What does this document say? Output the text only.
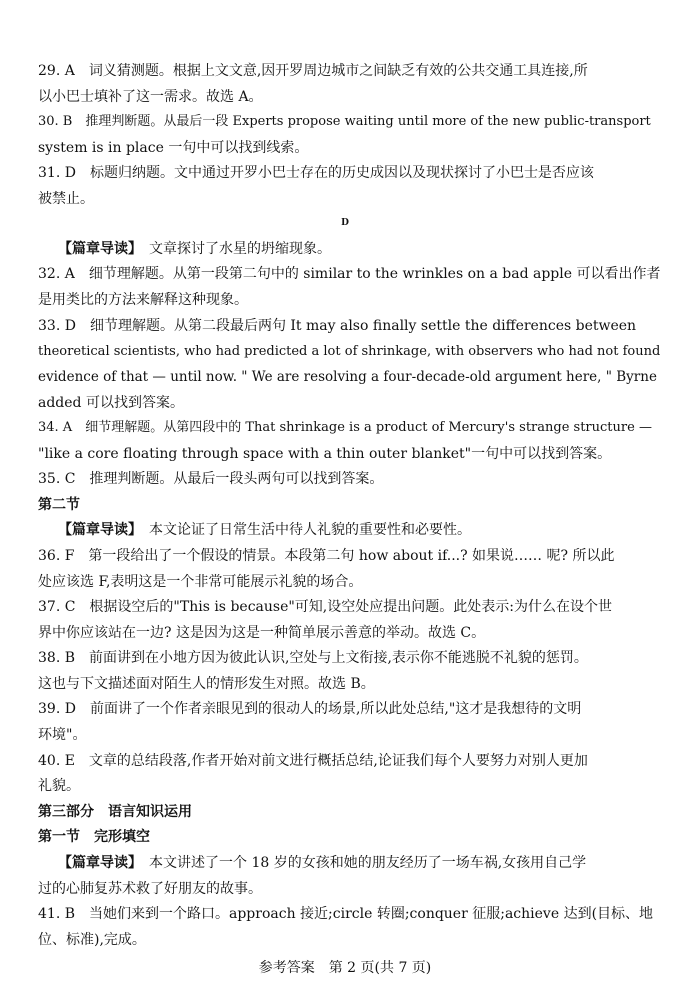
29. A　词义猜测题。根据上文文意,因开罗周边城市之间缺乏有效的公共交通工具连接,所
以小巴士填补了这一需求。故选 A。
30. B　推理判断题。从最后一段 Experts propose waiting until more of the new public-transport
system is in place 一句中可以找到线索。
31. D　标题归纳题。文中通过开罗小巴士存在的历史成因以及现状探讨了小巴士是否应该
被禁止。
D
【篇章导读】　文章探讨了水星的坍缩现象。
32. A　细节理解题。从第一段第二句中的 similar to the wrinkles on a bad apple 可以看出作者
是用类比的方法来解释这种现象。
33. D　细节理解题。从第二段最后两句 It may also finally settle the differences between
theoretical scientists, who had predicted a lot of shrinkage, with observers who had not found
evidence of that — until now. " We are resolving a four-decade-old argument here, " Byrne
added 可以找到答案。
34. A　细节理解题。从第四段中的 That shrinkage is a product of Mercury's strange structure —
"like a core floating through space with a thin outer blanket"一句中可以找到答案。
35. C　推理判断题。从最后一段头两句可以找到答案。
第二节
【篇章导读】　本文论证了日常生活中待人礼貌的重要性和必要性。
36. F　第一段给出了一个假设的情景。本段第二句 how about if...? 如果说…… 呢? 所以此
处应该选 F,表明这是一个非常可能展示礼貌的场合。
37. C　根据设空后的"This is because"可知,设空处应提出问题。此处表示:为什么在设个世
界中你应该站在一边? 这是因为这是一种简单展示善意的举动。故选 C。
38. B　前面讲到在小地方因为彼此认识,空处与上文衔接,表示你不能逃脱不礼貌的惩罚。
这也与下文描述面对陌生人的情形发生对照。故选 B。
39. D　前面讲了一个作者亲眼见到的很动人的场景,所以此处总结,"这才是我想待的文明
环境"。
40. E　文章的总结段落,作者开始对前文进行概括总结,论证我们每个人要努力对别人更加
礼貌。
第三部分　语言知识运用
第一节　完形填空
【篇章导读】　本文讲述了一个 18 岁的女孩和她的朋友经历了一场车祸,女孩用自己学
过的心肺复苏术救了好朋友的故事。
41. B　当她们来到一个路口。approach 接近;circle 转圈;conquer 征服;achieve 达到(目标、地
位、标准),完成。
参考答案　第 2 页(共 7 页)
